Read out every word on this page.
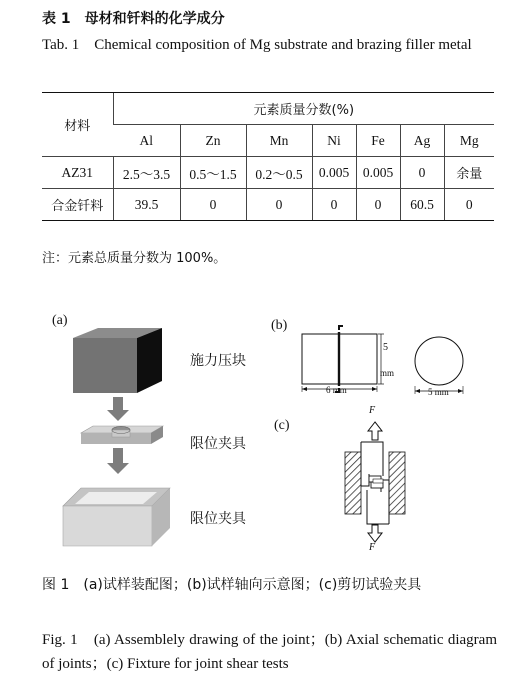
表 1　母材和钎料的化学成分
Tab. 1　Chemical composition of Mg substrate and brazing filler metal
材料	元素质量分数(%)						
	Al	Zn	Mn	Ni	Fe	Ag	Mg
AZ31	2.5～3.5	0.5～1.5	0.2～0.5	0.005	0.005	0	余量
合金钎料	39.5	0	0	0	0	60.5	0
注：元素总质量分数为 100%。
(a)	(b)
(c)
施力压块
限位夹具
限位夹具
5
mm
6 mm	5 mm
F
F
图 1　(a)试样装配图；(b)试样轴向示意图；(c)剪切试验夹具
Fig. 1　(a) Assemblely drawing of the joint；(b) Axial schematic diagram of joints；(c) Fixture for joint shear tests
